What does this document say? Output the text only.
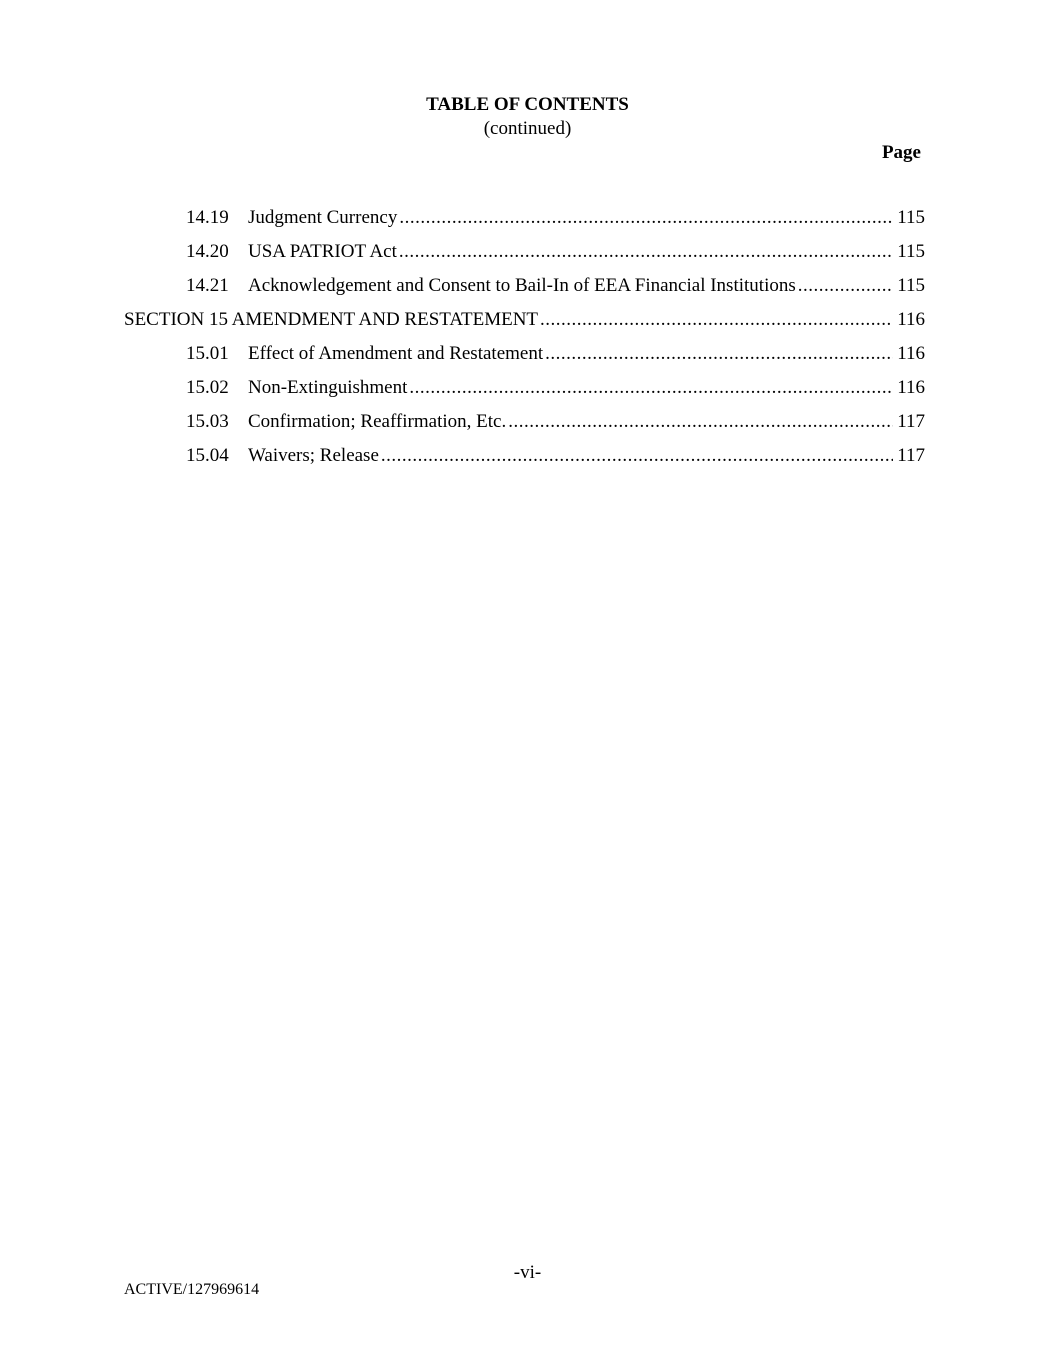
TABLE OF CONTENTS
(continued)
Page
14.19	Judgment Currency .....	115
14.20	USA PATRIOT Act .....	115
14.21	Acknowledgement and Consent to Bail-In of EEA Financial Institutions .....	115
SECTION 15 AMENDMENT AND RESTATEMENT .....	116
15.01	Effect of Amendment and Restatement .....	116
15.02	Non-Extinguishment .....	116
15.03	Confirmation; Reaffirmation, Etc. .....	117
15.04	Waivers; Release .....	117
-vi-
ACTIVE/127969614
